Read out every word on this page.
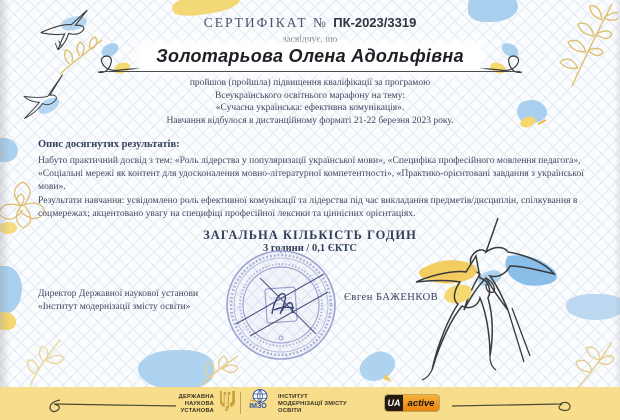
СЕРТИФІКАТ № ПК-2023/3319
засвідчує, що
Золотарьова Олена Адольфівна
пройшов (пройшла) підвищення кваліфікації за програмою
Всеукраїнського освітнього марафону на тему:
«Сучасна українська: ефективна комунікація».
Навчання відбулося в дистанційному форматі 21-22 березня 2023 року.
Опис досягнутих результатів:
Набуто практичний досвід з тем: «Роль лідерства у популяризації української мови», «Специфіка професійного мовлення педагога», «Соціальні мережі як контент для удосконалення мовно-літературної компетентності», «Практико-орієнтовані завдання з української мови».
Результати навчання: усвідомлено роль ефективної комунікації та лідерства під час викладання предметів/дисциплін, спілкування в соцмережах; акцентовано увагу на специфіці професійної лексики та ціннісних орієнтаціях.
ЗАГАЛЬНА КІЛЬКІСТЬ ГОДИН
3 години / 0,1 ЄКТС
Директор Державної наукової установи
«Інститут модернізації змісту освіти»
Євген БАЖЕНКОВ
ДЕРЖАВНА
НАУКОВА
УСТАНОВА
ІМЗО
ІНСТИТУТ
МОДЕРНІЗАЦІЇ ЗМІСТУ
ОСВІТИ
UA active
